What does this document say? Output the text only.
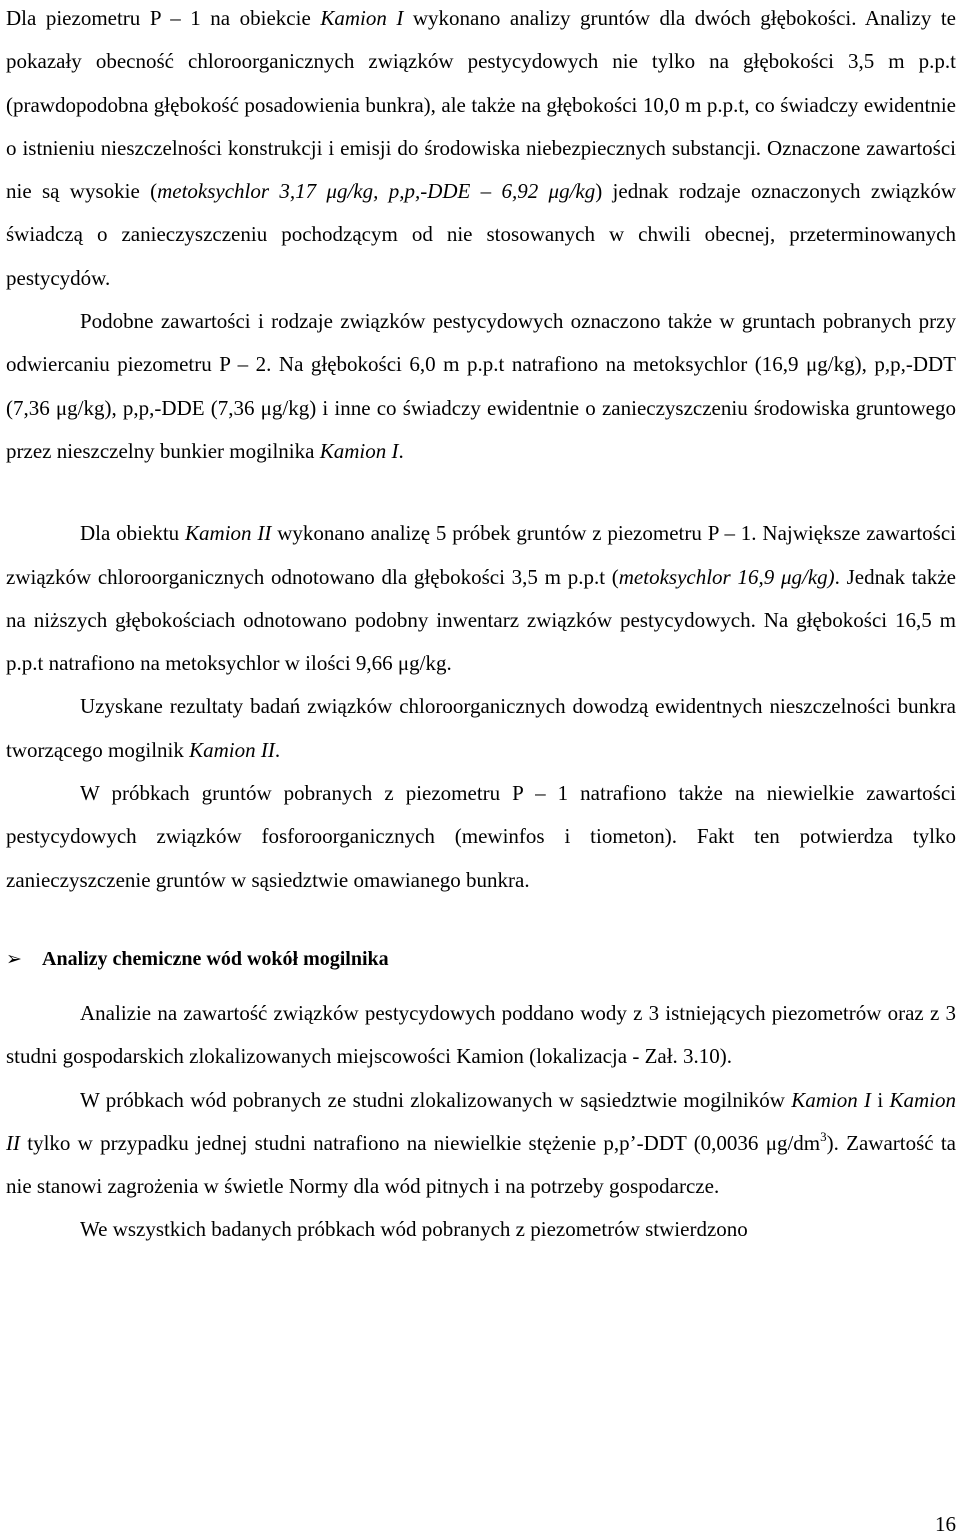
Dla piezometru P – 1 na obiekcie Kamion I wykonano analizy gruntów dla dwóch głębokości. Analizy te pokazały obecność chloroorganicznych związków pestycydowych nie tylko na głębokości 3,5 m p.p.t (prawdopodobna głębokość posadowienia bunkra), ale także na głębokości 10,0 m p.p.t, co świadczy ewidentnie o istnieniu nieszczelności konstrukcji i emisji do środowiska niebezpiecznych substancji. Oznaczone zawartości nie są wysokie (metoksychlor 3,17 μg/kg, p,p,-DDE – 6,92 μg/kg) jednak rodzaje oznaczonych związków świadczą o zanieczyszczeniu pochodzącym od nie stosowanych w chwili obecnej, przeterminowanych pestycydów.

Podobne zawartości i rodzaje związków pestycydowych oznaczono także w gruntach pobranych przy odwiercaniu piezometru P – 2. Na głębokości 6,0 m p.p.t natrafiono na metoksychlor (16,9 μg/kg), p,p,-DDT (7,36 μg/kg), p,p,-DDE (7,36 μg/kg) i inne co świadczy ewidentnie o zanieczyszczeniu środowiska gruntowego przez nieszczelny bunkier mogilnika Kamion I.

Dla obiektu Kamion II wykonano analizę 5 próbek gruntów z piezometru P – 1. Największe zawartości związków chloroorganicznych odnotowano dla głębokości 3,5 m p.p.t (metoksychlor 16,9 μg/kg). Jednak także na niższych głębokościach odnotowano podobny inwentarz związków pestycydowych. Na głębokości 16,5 m p.p.t natrafiono na metoksychlor w ilości 9,66 μg/kg.

Uzyskane rezultaty badań związków chloroorganicznych dowodzą ewidentnych nieszczelności bunkra tworzącego mogilnik Kamion II.

W próbkach gruntów pobranych z piezometru P – 1 natrafiono także na niewielkie zawartości pestycydowych związków fosforoorganicznych (mewinfos i tiometon). Fakt ten potwierdza tylko zanieczyszczenie gruntów w sąsiedztwie omawianego bunkra.

➢ Analizy chemiczne wód wokół mogilnika

Analizie na zawartość związków pestycydowych poddano wody z 3 istniejących piezometrów oraz z 3 studni gospodarskich zlokalizowanych miejscowości Kamion (lokalizacja - Zał. 3.10).

W próbkach wód pobranych ze studni zlokalizowanych w sąsiedztwie mogilników Kamion I i Kamion II tylko w przypadku jednej studni natrafiono na niewielkie stężenie p,p’-DDT (0,0036 $\mu g/dm^3$). Zawartość ta nie stanowi zagrożenia w świetle Normy dla wód pitnych i na potrzeby gospodarcze.

We wszystkich badanych próbkach wód pobranych z piezometrów stwierdzono

16
